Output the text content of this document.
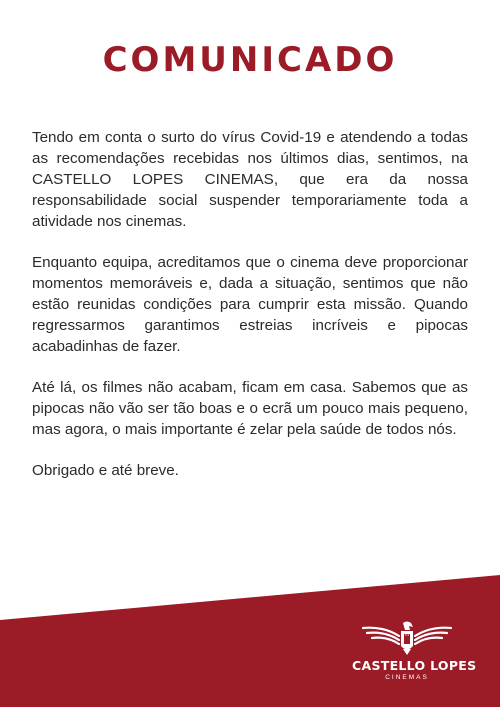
COMUNICADO

Tendo em conta o surto do vírus Covid-19 e atendendo a todas as recomendações recebidas nos últimos dias, sentimos, na CASTELLO LOPES CINEMAS, que era da nossa responsabilidade social suspender temporariamente toda a atividade nos cinemas.

Enquanto equipa, acreditamos que o cinema deve proporcionar momentos memoráveis e, dada a situação, sentimos que não estão reunidas condições para cumprir esta missão. Quando regressarmos garantimos estreias incríveis e pipocas acabadinhas de fazer.

Até lá, os filmes não acabam, ficam em casa. Sabemos que as pipocas não vão ser tão boas e o ecrã um pouco mais pequeno, mas agora, o mais importante é zelar pela saúde de todos nós.

Obrigado e até breve.

CASTELLO LOPES
CINEMAS
